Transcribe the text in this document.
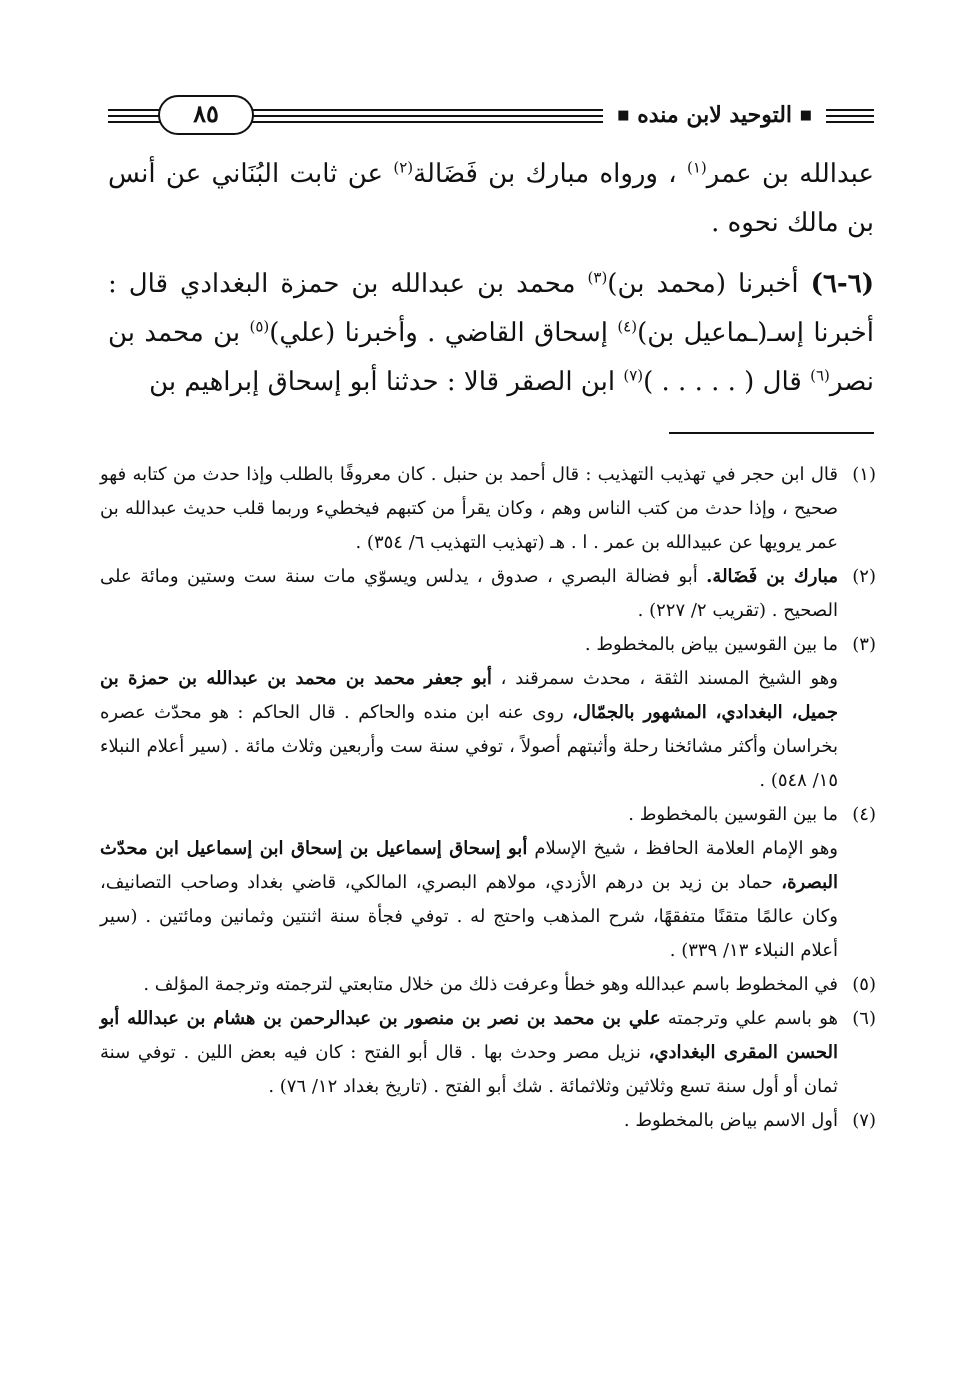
■ التوحيد لابن منده ■
٨٥

عبدالله بن عمر$^{(١)}$ ، ورواه مبارك بن فَضَالة$^{(٢)}$ عن ثابت البُنَاني عن أنس بن مالك نحوه .

(٦-٦) أخبرنا (محمد بن)$^{(٣)}$ محمد بن عبدالله بن حمزة البغدادي قال : أخبرنا إسـ(ـماعيل بن)$^{(٤)}$ إسحاق القاضي . وأخبرنا (علي)$^{(٥)}$ بن محمد بن نصر$^{(٦)}$ قال ( . . . . . )$^{(٧)}$ ابن الصقر قالا : حدثنا أبو إسحاق إبراهيم بن

(١)
قال ابن حجر في تهذيب التهذيب : قال أحمد بن حنبل . كان معروفًا بالطلب وإذا حدث من كتابه فهو صحيح ، وإذا حدث من كتب الناس وهم ، وكان يقرأ من كتبهم فيخطيء وربما قلب حديث عبدالله بن عمر يرويها عن عبيدالله بن عمر . ا . هـ (تهذيب التهذيب ٦/ ٣٥٤) .
(٢)
مبارك بن فَضَالة. أبو فضالة البصري ، صدوق ، يدلس ويسوّي مات سنة ست وستين ومائة على الصحيح . (تقريب ٢/ ٢٢٧) .
(٣)
ما بين القوسين بياض بالمخطوط .
وهو الشيخ المسند الثقة ، محدث سمرقند ، أبو جعفر محمد بن محمد بن عبدالله بن حمزة بن جميل، البغدادي، المشهور بالجمّال، روى عنه ابن منده والحاكم . قال الحاكم : هو محدّث عصره بخراسان وأكثر مشائخنا رحلة وأثبتهم أصولاً ، توفي سنة ست وأربعين وثلاث مائة . (سير أعلام النبلاء ١٥/ ٥٤٨) .
(٤)
ما بين القوسين بالمخطوط .
وهو الإمام العلامة الحافظ ، شيخ الإسلام أبو إسحاق إسماعيل بن إسحاق ابن إسماعيل ابن محدّث البصرة، حماد بن زيد بن درهم الأزدي، مولاهم البصري، المالكي، قاضي بغداد وصاحب التصانيف، وكان عالمًا متقنًا متفقهًا، شرح المذهب واحتج له . توفي فجأة سنة اثنتين وثمانين ومائتين . (سير أعلام النبلاء ١٣/ ٣٣٩) .
(٥)
في المخطوط باسم عبدالله وهو خطأ وعرفت ذلك من خلال متابعتي لترجمته وترجمة المؤلف .
(٦)
هو باسم علي وترجمته علي بن محمد بن نصر بن منصور بن عبدالرحمن بن هشام بن عبدالله أبو الحسن المقرى البغدادي، نزيل مصر وحدث بها . قال أبو الفتح : كان فيه بعض اللين . توفي سنة ثمان أو أول سنة تسع وثلاثين وثلاثمائة . شك أبو الفتح . (تاريخ بغداد ١٢/ ٧٦) .
(٧)
أول الاسم بياض بالمخطوط .
